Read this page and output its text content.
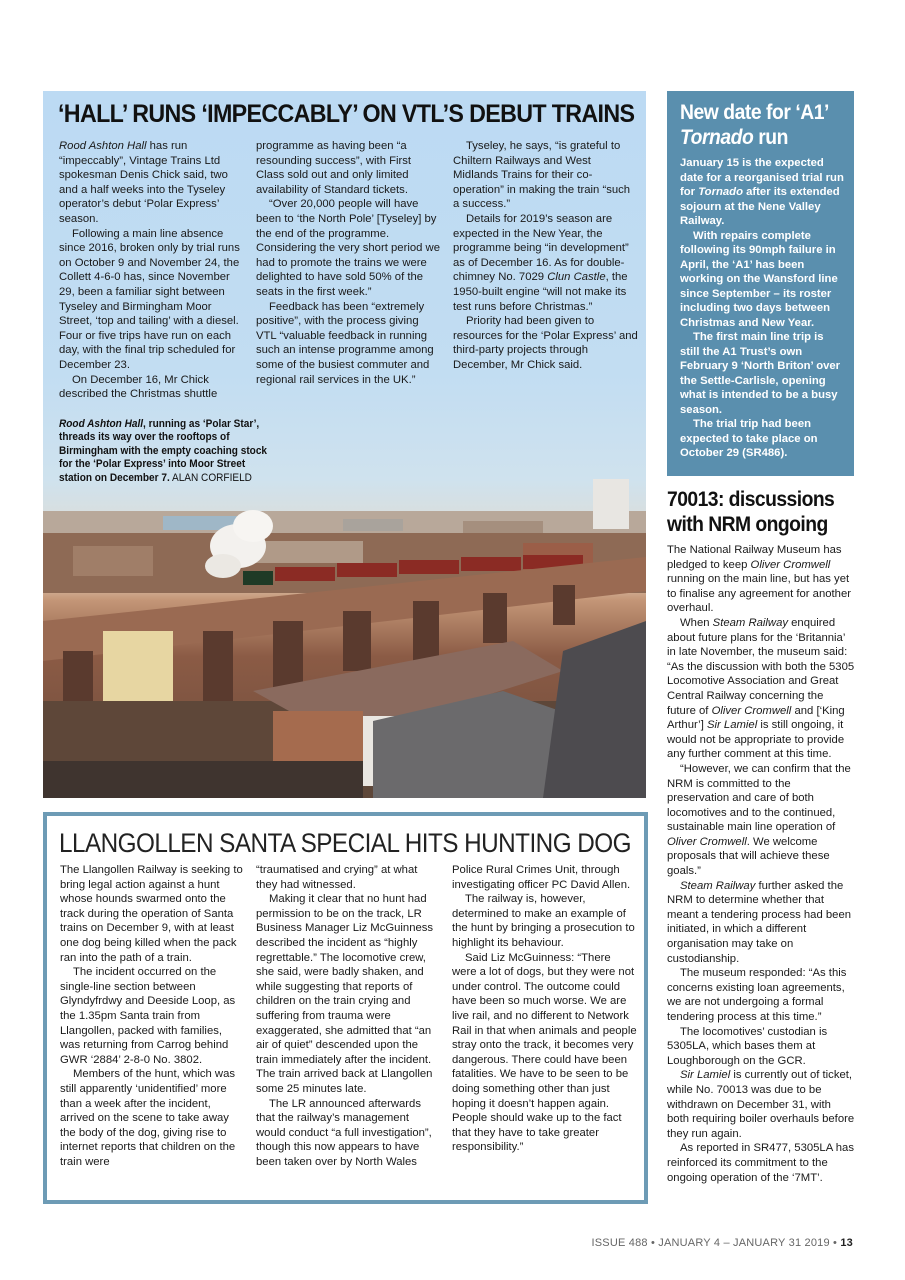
‘HALL’ RUNS ‘IMPECCABLY’ ON VTL’S DEBUT TRAINS

Rood Ashton Hall has run “impeccably”, Vintage Trains Ltd spokesman Denis Chick said, two and a half weeks into the Tyseley operator’s debut ‘Polar Express’ season.

Following a main line absence since 2016, broken only by trial runs on October 9 and November 24, the Collett 4-6-0 has, since November 29, been a familiar sight between Tyseley and Birmingham Moor Street, ‘top and tailing’ with a diesel. Four or five trips have run on each day, with the final trip scheduled for December 23.

On December 16, Mr Chick described the Christmas shuttle

programme as having been “a resounding success”, with First Class sold out and only limited availability of Standard tickets.

“Over 20,000 people will have been to ‘the North Pole’ [Tyseley] by the end of the programme. Considering the very short period we had to promote the trains we were delighted to have sold 50% of the seats in the first week.”

Feedback has been “extremely positive”, with the process giving VTL “valuable feedback in running such an intense programme among some of the busiest commuter and regional rail services in the UK.”

Tyseley, he says, “is grateful to Chiltern Railways and West Midlands Trains for their co-operation” in making the train “such a success.”

Details for 2019’s season are expected in the New Year, the programme being “in development” as of December 16. As for double-chimney No. 7029 Clun Castle, the 1950-built engine “will not make its test runs before Christmas.”

Priority had been given to resources for the ‘Polar Express’ and third-party projects through December, Mr Chick said.

Rood Ashton Hall, running as ‘Polar Star’, threads its way over the rooftops of Birmingham with the empty coaching stock for the ‘Polar Express’ into Moor Street station on December 7. ALAN CORFIELD
New date for ‘A1’
Tornado run

January 15 is the expected date for a reorganised trial run for Tornado after its extended sojourn at the Nene Valley Railway.

With repairs complete following its 90mph failure in April, the ‘A1’ has been working on the Wansford line since September – its roster including two days between Christmas and New Year.

The first main line trip is still the A1 Trust’s own February 9 ‘North Briton’ over the Settle-Carlisle, opening what is intended to be a busy season.

The trial trip had been expected to take place on October 29 (SR486).

70013: discussions with NRM ongoing

The National Railway Museum has pledged to keep Oliver Cromwell running on the main line, but has yet to finalise any agreement for another overhaul.

When Steam Railway enquired about future plans for the ‘Britannia’ in late November, the museum said: “As the discussion with both the 5305 Locomotive Association and Great Central Railway concerning the future of Oliver Cromwell and [‘King Arthur’] Sir Lamiel is still ongoing, it would not be appropriate to provide any further comment at this time.

“However, we can confirm that the NRM is committed to the preservation and care of both locomotives and to the continued, sustainable main line operation of Oliver Cromwell. We welcome proposals that will achieve these goals.”

Steam Railway further asked the NRM to determine whether that meant a tendering process had been initiated, in which a different organisation may take on custodianship.

The museum responded: “As this concerns existing loan agreements, we are not undergoing a formal tendering process at this time.”

The locomotives’ custodian is 5305LA, which bases them at Loughborough on the GCR.

Sir Lamiel is currently out of ticket, while No. 70013 was due to be withdrawn on December 31, with both requiring boiler overhauls before they run again.

As reported in SR477, 5305LA has reinforced its commitment to the ongoing operation of the ‘7MT’.

LLANGOLLEN SANTA SPECIAL HITS HUNTING DOG

The Llangollen Railway is seeking to bring legal action against a hunt whose hounds swarmed onto the track during the operation of Santa trains on December 9, with at least one dog being killed when the pack ran into the path of a train.

The incident occurred on the single-line section between Glyndyfrdwy and Deeside Loop, as the 1.35pm Santa train from Llangollen, packed with families, was returning from Carrog behind GWR ‘2884’ 2-8-0 No. 3802.

Members of the hunt, which was still apparently ‘unidentified’ more than a week after the incident, arrived on the scene to take away the body of the dog, giving rise to internet reports that children on the train were

“traumatised and crying” at what they had witnessed.

Making it clear that no hunt had permission to be on the track, LR Business Manager Liz McGuinness described the incident as “highly regrettable.” The locomotive crew, she said, were badly shaken, and while suggesting that reports of children on the train crying and suffering from trauma were exaggerated, she admitted that “an air of quiet” descended upon the train immediately after the incident. The train arrived back at Llangollen some 25 minutes late.

The LR announced afterwards that the railway’s management would conduct “a full investigation”, though this now appears to have been taken over by North Wales

Police Rural Crimes Unit, through investigating officer PC David Allen.

The railway is, however, determined to make an example of the hunt by bringing a prosecution to highlight its behaviour.

Said Liz McGuinness: “There were a lot of dogs, but they were not under control. The outcome could have been so much worse. We are live rail, and no different to Network Rail in that when animals and people stray onto the track, it becomes very dangerous. There could have been fatalities. We have to be seen to be doing something other than just hoping it doesn’t happen again. People should wake up to the fact that they have to take greater responsibility.”

ISSUE 488 • JANUARY 4 – JANUARY 31 2019 • 13
